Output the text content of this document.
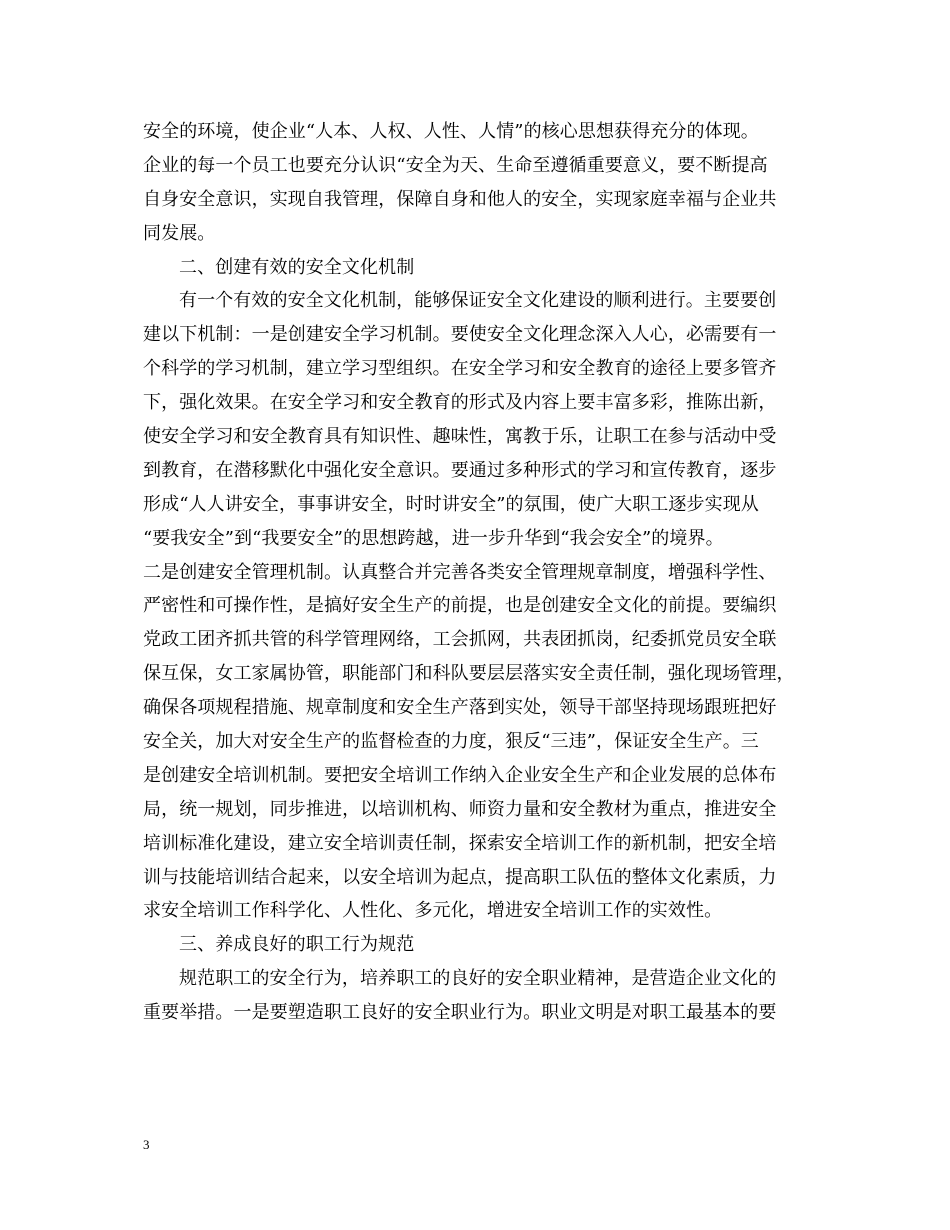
安全的环境，使企业“人本、人权、人性、人情”的核心思想获得充分的体现。
企业的每一个员工也要充分认识“安全为天、生命至遵循重要意义，要不断提高
自身安全意识，实现自我管理，保障自身和他人的安全，实现家庭幸福与企业共
同发展。
二、创建有效的安全文化机制
有一个有效的安全文化机制，能够保证安全文化建设的顺利进行。主要要创
建以下机制：一是创建安全学习机制。要使安全文化理念深入人心，必需要有一
个科学的学习机制，建立学习型组织。在安全学习和安全教育的途径上要多管齐
下，强化效果。在安全学习和安全教育的形式及内容上要丰富多彩，推陈出新，
使安全学习和安全教育具有知识性、趣味性，寓教于乐，让职工在参与活动中受
到教育，在潜移默化中强化安全意识。要通过多种形式的学习和宣传教育，逐步
形成“人人讲安全，事事讲安全，时时讲安全”的氛围，使广大职工逐步实现从
“要我安全”到“我要安全”的思想跨越，进一步升华到“我会安全”的境界。
二是创建安全管理机制。认真整合并完善各类安全管理规章制度，增强科学性、
严密性和可操作性，是搞好安全生产的前提，也是创建安全文化的前提。要编织
党政工团齐抓共管的科学管理网络，工会抓网，共表团抓岗，纪委抓党员安全联
保互保，女工家属协管，职能部门和科队要层层落实安全责任制，强化现场管理，
确保各项规程措施、规章制度和安全生产落到实处，领导干部坚持现场跟班把好
安全关，加大对安全生产的监督检查的力度，狠反“三违”，保证安全生产。三
是创建安全培训机制。要把安全培训工作纳入企业安全生产和企业发展的总体布
局，统一规划，同步推进，以培训机构、师资力量和安全教材为重点，推进安全
培训标准化建设，建立安全培训责任制，探索安全培训工作的新机制，把安全培
训与技能培训结合起来，以安全培训为起点，提高职工队伍的整体文化素质，力
求安全培训工作科学化、人性化、多元化，增进安全培训工作的实效性。
三、养成良好的职工行为规范
规范职工的安全行为，培养职工的良好的安全职业精神，是营造企业文化的
重要举措。一是要塑造职工良好的安全职业行为。职业文明是对职工最基本的要
3
